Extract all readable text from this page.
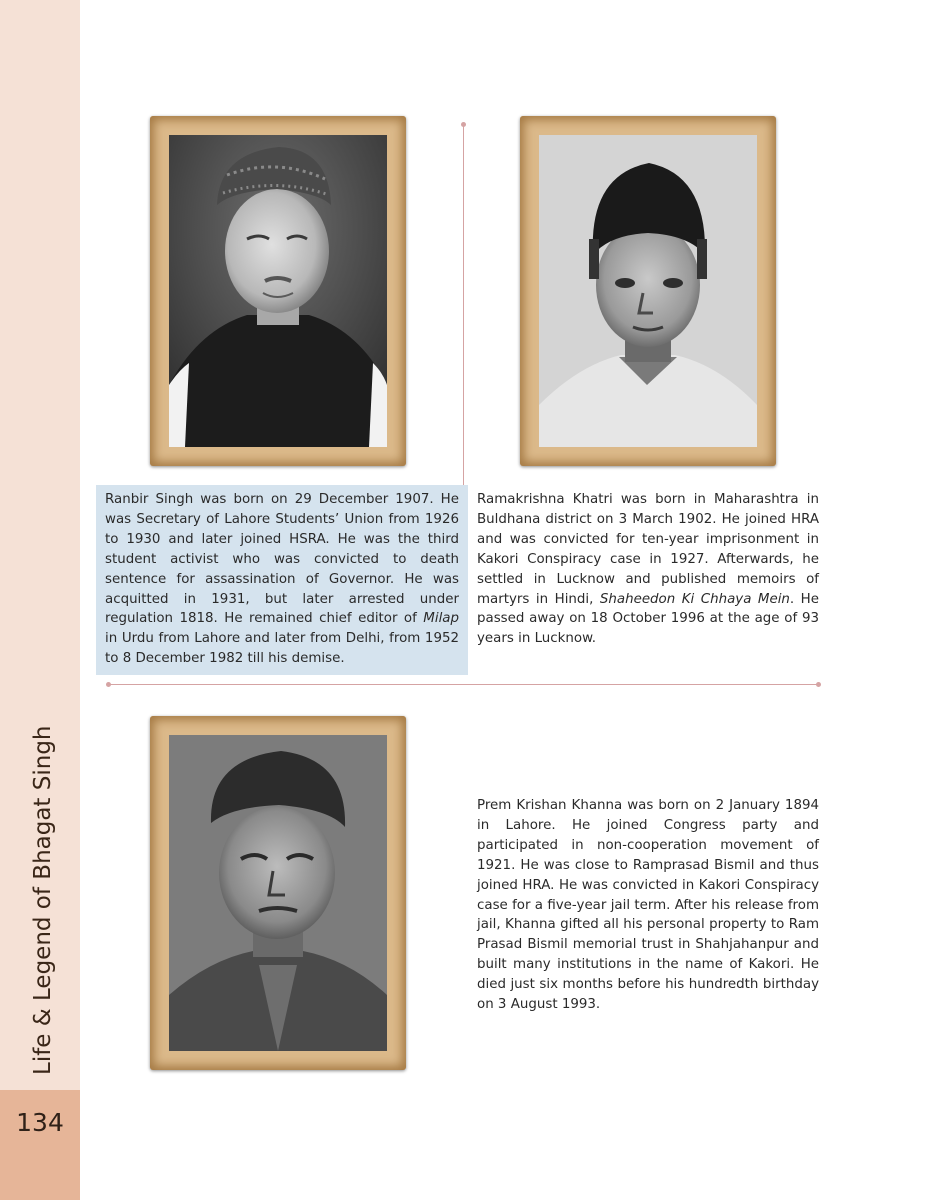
Life & Legend of Bhagat Singh
134

Ranbir Singh was born on 29 December 1907. He was Secretary of Lahore Students’ Union from 1926 to 1930 and later joined HSRA. He was the third student activist who was convicted to death sentence for assassination of Governor. He was acquitted in 1931, but later arrested under regulation 1818. He remained chief editor of Milap in Urdu from Lahore and later from Delhi, from 1952 to 8 December 1982 till his demise.

Ramakrishna Khatri was born in Maharashtra in Buldhana district on 3 March 1902. He joined HRA and was convicted for ten-year imprisonment in Kakori Conspiracy case in 1927. Afterwards, he settled in Lucknow and published memoirs of martyrs in Hindi, Shaheedon Ki Chhaya Mein. He passed away on 18 October 1996 at the age of 93 years in Lucknow.

Prem Krishan Khanna was born on 2 January 1894 in Lahore. He joined Congress party and participated in non-cooperation movement of 1921. He was close to Ramprasad Bismil and thus joined HRA. He was convicted in Kakori Conspiracy case for a five-year jail term. After his release from jail, Khanna gifted all his personal property to Ram Prasad Bismil memorial trust in Shahjahanpur and built many institutions in the name of Kakori. He died just six months before his hundredth birthday on 3 August 1993.
